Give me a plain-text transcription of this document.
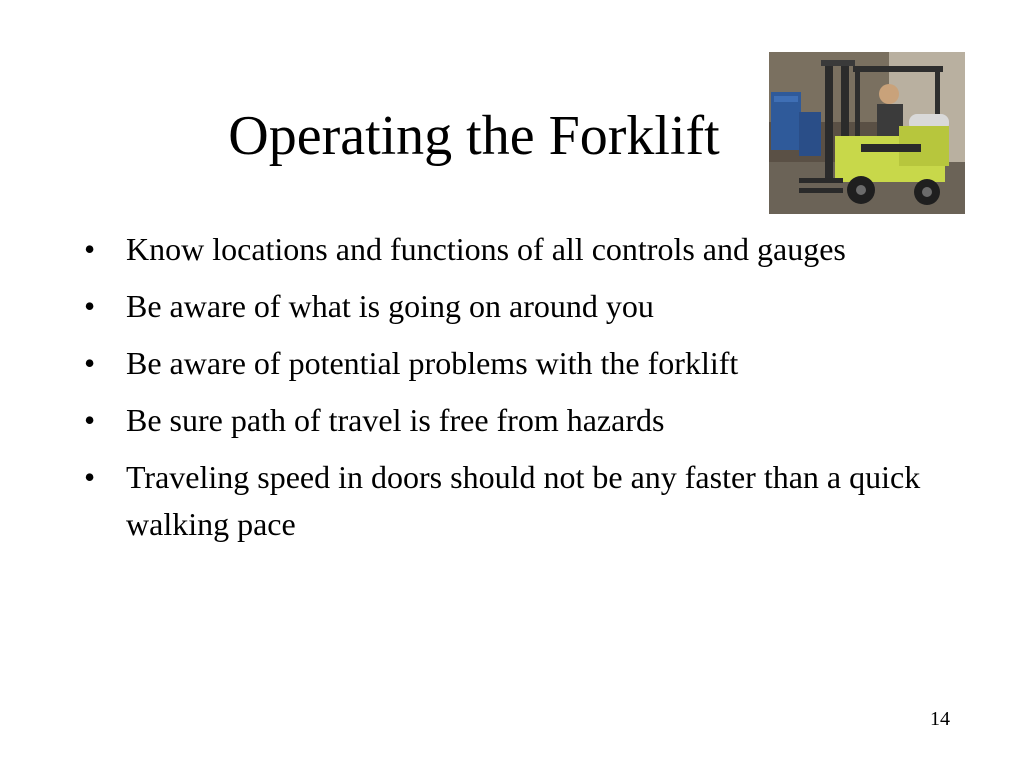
Operating the Forklift
• Know locations and functions of all controls and gauges
• Be aware of what is going on around you
• Be aware of potential problems with the forklift
• Be sure path of travel is free from hazards
• Traveling speed in doors should not be any faster than a quick walking pace
14
